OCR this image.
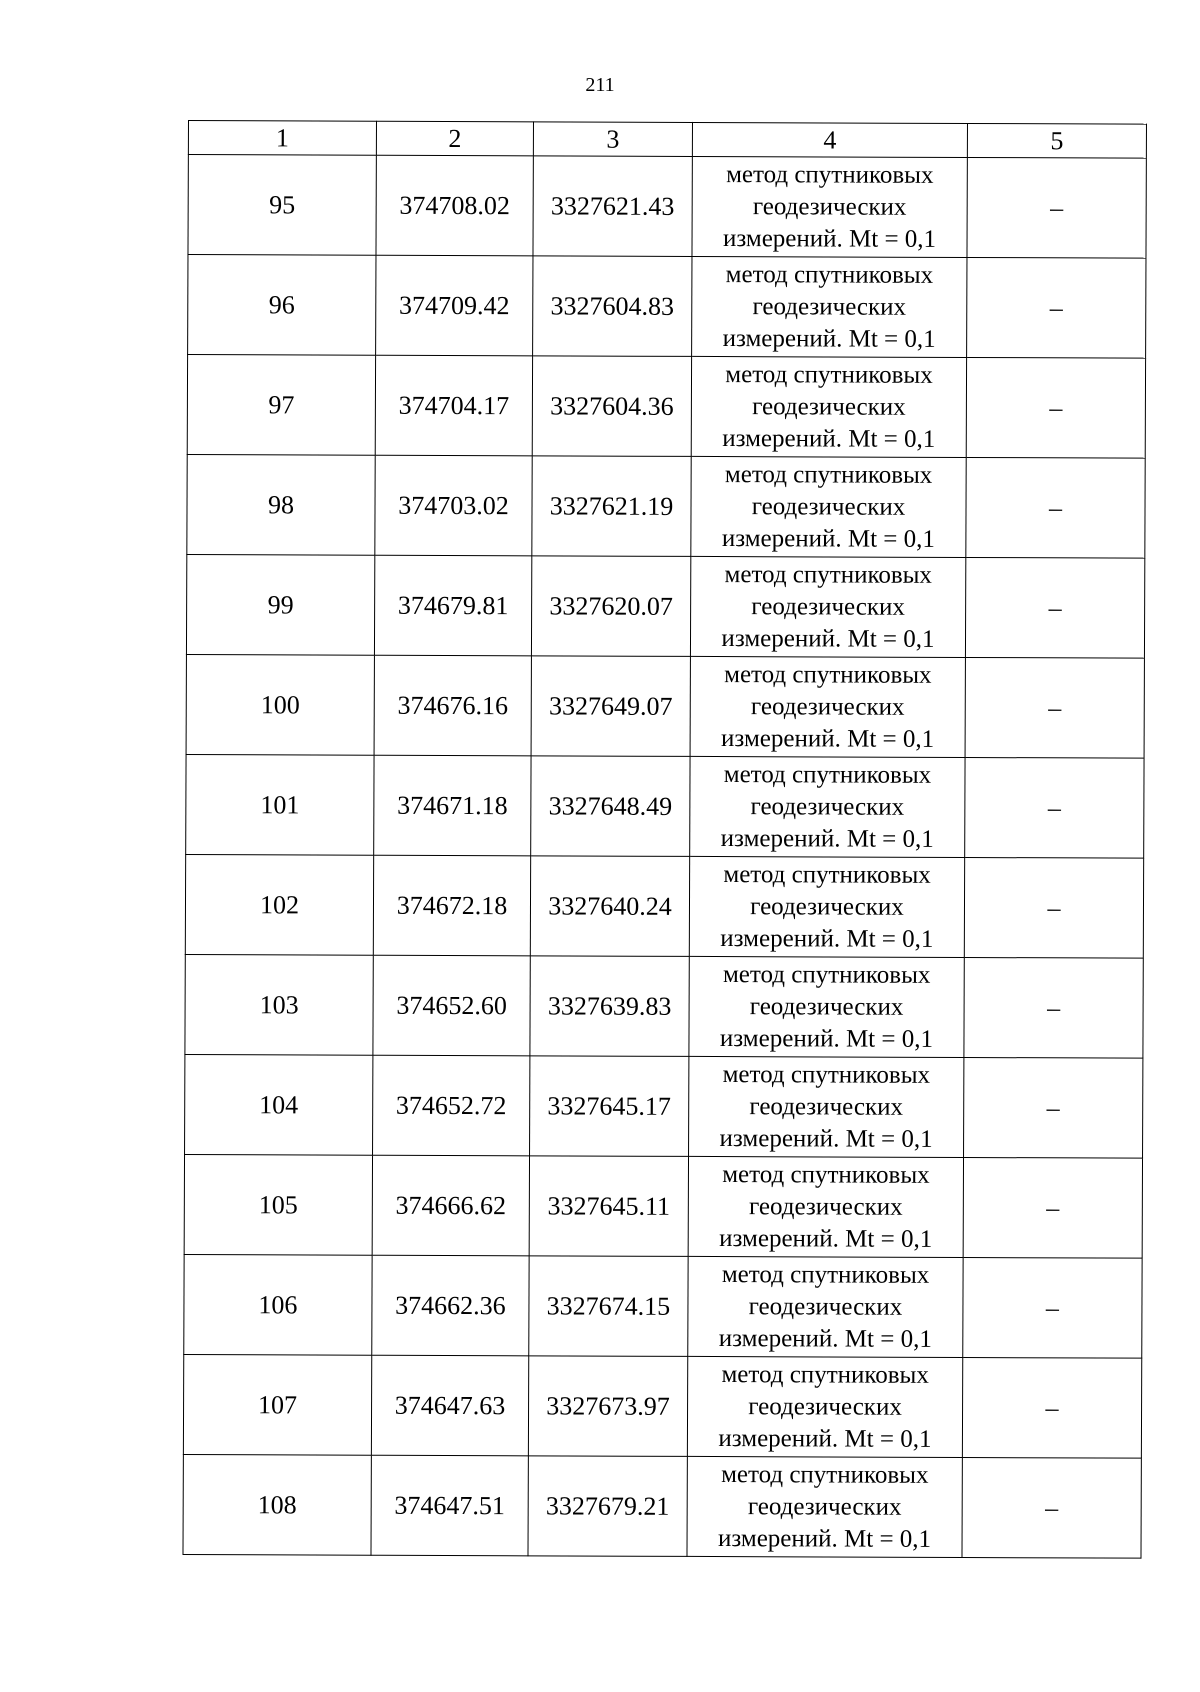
211
1	2	3	4	5
95	374708.02	3327621.43	метод спутниковых
геодезических
измерений. Mt = 0,1	–
96	374709.42	3327604.83	метод спутниковых
геодезических
измерений. Mt = 0,1	–
97	374704.17	3327604.36	метод спутниковых
геодезических
измерений. Mt = 0,1	–
98	374703.02	3327621.19	метод спутниковых
геодезических
измерений. Mt = 0,1	–
99	374679.81	3327620.07	метод спутниковых
геодезических
измерений. Mt = 0,1	–
100	374676.16	3327649.07	метод спутниковых
геодезических
измерений. Mt = 0,1	–
101	374671.18	3327648.49	метод спутниковых
геодезических
измерений. Mt = 0,1	–
102	374672.18	3327640.24	метод спутниковых
геодезических
измерений. Mt = 0,1	–
103	374652.60	3327639.83	метод спутниковых
геодезических
измерений. Mt = 0,1	–
104	374652.72	3327645.17	метод спутниковых
геодезических
измерений. Mt = 0,1	–
105	374666.62	3327645.11	метод спутниковых
геодезических
измерений. Mt = 0,1	–
106	374662.36	3327674.15	метод спутниковых
геодезических
измерений. Mt = 0,1	–
107	374647.63	3327673.97	метод спутниковых
геодезических
измерений. Mt = 0,1	–
108	374647.51	3327679.21	метод спутниковых
геодезических
измерений. Mt = 0,1	–
